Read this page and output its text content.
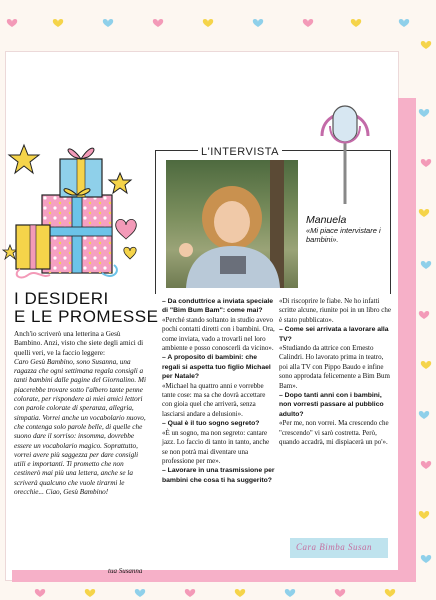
I DESIDERI
E LE PROMESSE

Anch'io scriverò una letterina a Gesù Bambino. Anzi, visto che siete degli amici di quelli veri, ve la faccio leggere:

Caro Gesù Bambino, sono Susanna, una ragazza che ogni settimana regala consigli a tanti bambini dalle pagine del Giornalino. Mi piacerebbe trovare sotto l'albero tante penne colorate, per rispondere ai miei amici lettori con parole colorate di speranza, allegria, simpatia. Vorrei anche un vocabolario nuovo, che contenga solo parole belle, di quelle che suono dare il sorriso: insomma, dovrebbe essere un vocabolario magico. Soprattutto, vorrei avere più saggezza per dare consigli utili e importanti. Ti prometto che non cestinerò mai più una lettera, anche se la scriverà qualcuno che vuole tirarmi le orecchie... Ciao, Gesù Bambino!

tua Susanna
L'INTERVISTA
Manuela
«Mi piace intervistare i bambini».

– Da conduttrice a inviata speciale di "Bim Bum Bam": come mai?

«Perché stando soltanto in studio avevo pochi contatti diretti con i bambini. Ora, come inviata, vado a trovarli nel loro ambiente e posso conoscerli da vicino».

– A proposito di bambini: che regali si aspetta tuo figlio Michael per Natale?

«Michael ha quattro anni e vorrebbe tante cose: ma sa che dovrà accettare con gioia quel che arriverà, senza lasciarsi andare a delusioni».

– Qual è il tuo sogno segreto?

«È un sogno, ma non segreto: cantare jazz. Lo faccio di tanto in tanto, anche se non potrà mai diventare una professione per me».

– Lavorare in una trasmissione per bambini che cosa ti ha suggerito?

«Di riscoprire le fiabe. Ne ho infatti scritte alcune, riunite poi in un libro che è stato pubblicato».

– Come sei arrivata a lavorare alla TV?

«Studiando da attrice con Ernesto Calindri. Ho lavorato prima in teatro, poi alla TV con Pippo Baudo e infine sono approdata felicemente a Bim Bum Bam».

– Dopo tanti anni con i bambini, non vorresti passare al pubblico adulto?

«Per me, non vorrei. Ma crescendo che "crescendo" vi sarò costretta. Però, quando accadrà, mi dispiacerà un po'».

Cara Bimba Susan
